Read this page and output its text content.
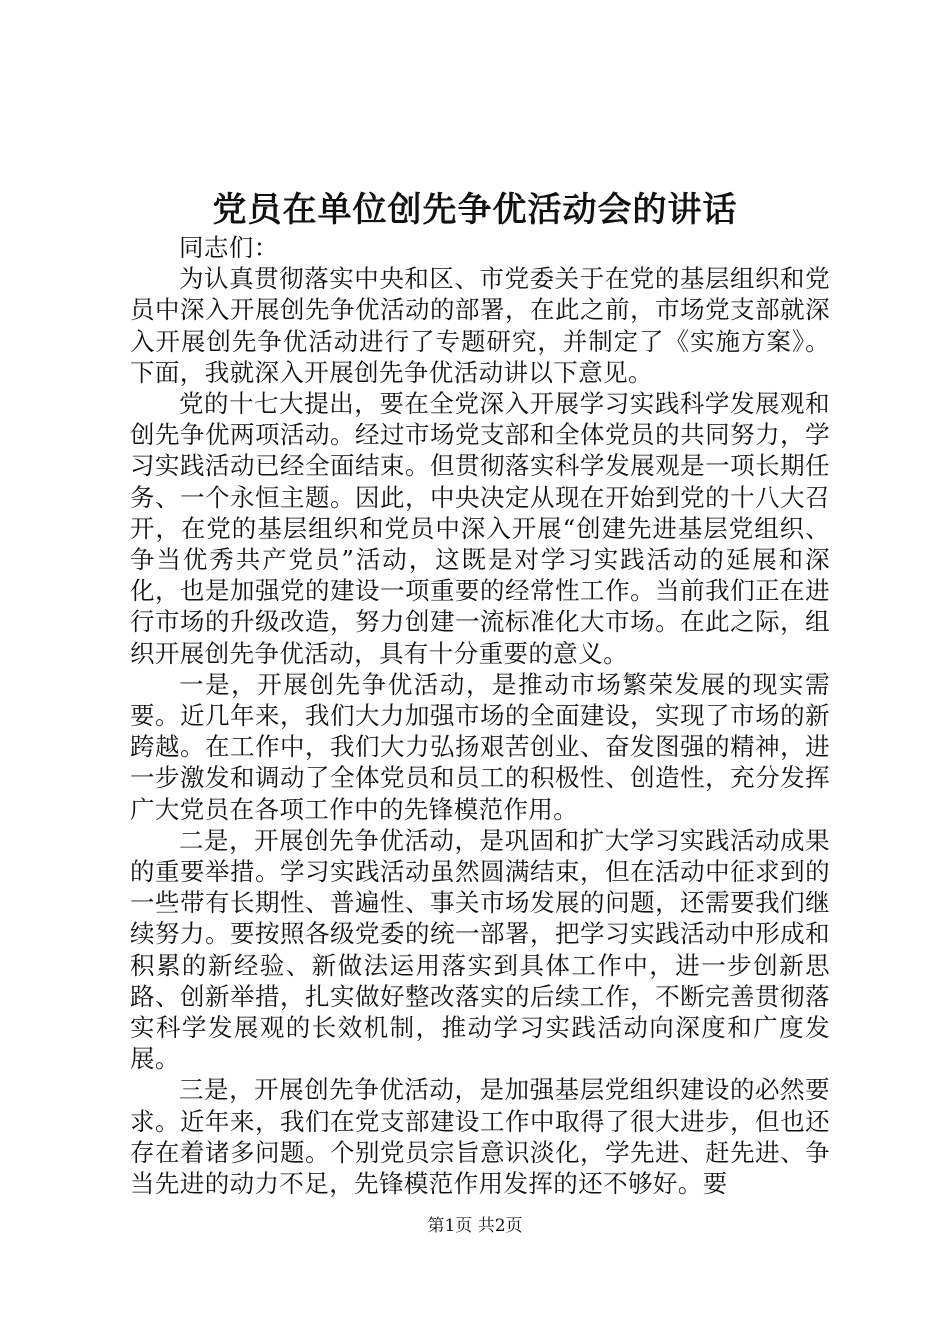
党员在单位创先争优活动会的讲话

同志们：

为认真贯彻落实中央和区、市党委关于在党的基层组织和党员中深入开展创先争优活动的部署，在此之前，市场党支部就深入开展创先争优活动进行了专题研究，并制定了《实施方案》。下面，我就深入开展创先争优活动讲以下意见。

党的十七大提出，要在全党深入开展学习实践科学发展观和创先争优两项活动。经过市场党支部和全体党员的共同努力，学习实践活动已经全面结束。但贯彻落实科学发展观是一项长期任务、一个永恒主题。因此，中央决定从现在开始到党的十八大召开，在党的基层组织和党员中深入开展“创建先进基层党组织、争当优秀共产党员”活动，这既是对学习实践活动的延展和深化，也是加强党的建设一项重要的经常性工作。当前我们正在进行市场的升级改造，努力创建一流标准化大市场。在此之际，组织开展创先争优活动，具有十分重要的意义。

一是，开展创先争优活动，是推动市场繁荣发展的现实需要。近几年来，我们大力加强市场的全面建设，实现了市场的新跨越。在工作中，我们大力弘扬艰苦创业、奋发图强的精神，进一步激发和调动了全体党员和员工的积极性、创造性，充分发挥广大党员在各项工作中的先锋模范作用。

二是，开展创先争优活动，是巩固和扩大学习实践活动成果的重要举措。学习实践活动虽然圆满结束，但在活动中征求到的一些带有长期性、普遍性、事关市场发展的问题，还需要我们继续努力。要按照各级党委的统一部署，把学习实践活动中形成和积累的新经验、新做法运用落实到具体工作中，进一步创新思路、创新举措，扎实做好整改落实的后续工作，不断完善贯彻落实科学发展观的长效机制，推动学习实践活动向深度和广度发展。

三是，开展创先争优活动，是加强基层党组织建设的必然要求。近年来，我们在党支部建设工作中取得了很大进步，但也还存在着诸多问题。个别党员宗旨意识淡化，学先进、赶先进、争当先进的动力不足，先锋模范作用发挥的还不够好。要

第1页 共2页
